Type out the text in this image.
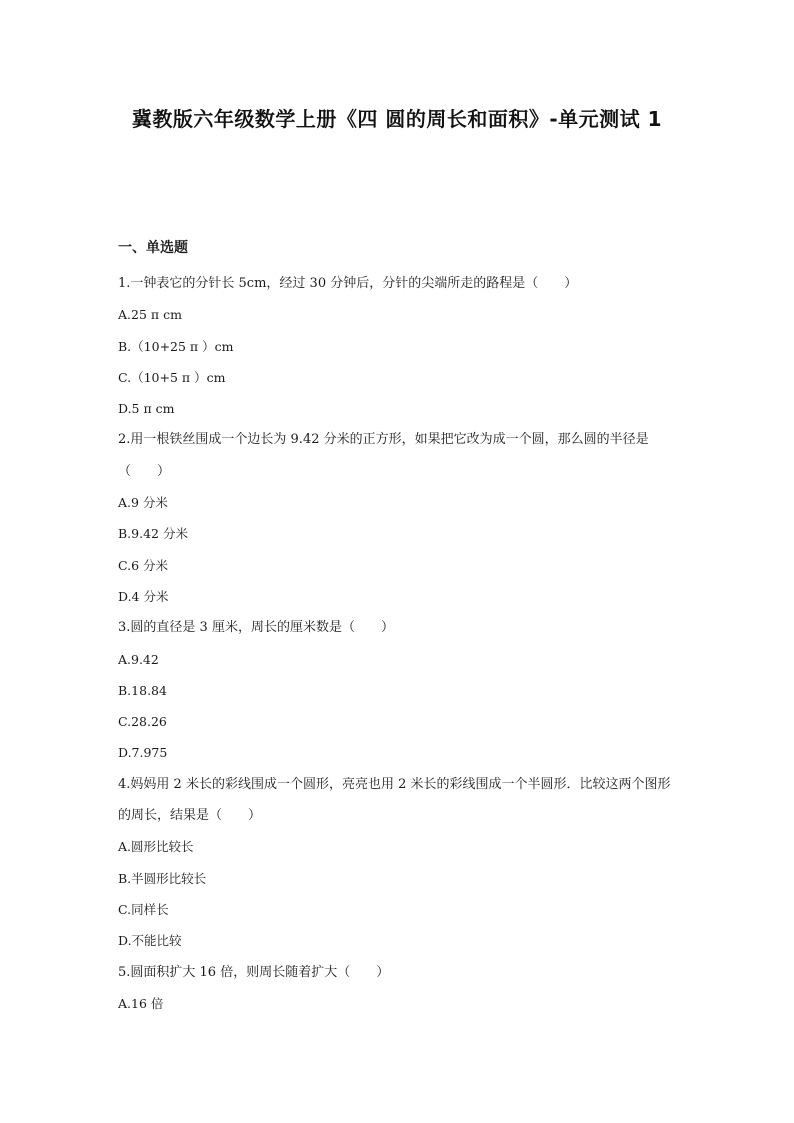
冀教版六年级数学上册《四 圆的周长和面积》-单元测试 1
一、单选题

1.一钟表它的分针长 5cm，经过 30 分钟后，分针的尖端所走的路程是（　　）

A.25 π cm
B.（10+25 π ）cm
C.（10+5 π ）cm
D.5 π cm

2.用一根铁丝围成一个边长为 9.42 分米的正方形，如果把它改为成一个圆，那么圆的半径是（　　）

A.9 分米
B.9.42 分米
C.6 分米
D.4 分米

3.圆的直径是 3 厘米，周长的厘米数是（　　）

A.9.42
B.18.84
C.28.26
D.7.975

4.妈妈用 2 米长的彩线围成一个圆形，亮亮也用 2 米长的彩线围成一个半圆形．比较这两个图形的周长，结果是（　　）

A.圆形比较长
B.半圆形比较长
C.同样长
D.不能比较

5.圆面积扩大 16 倍，则周长随着扩大（　　）

A.16 倍
